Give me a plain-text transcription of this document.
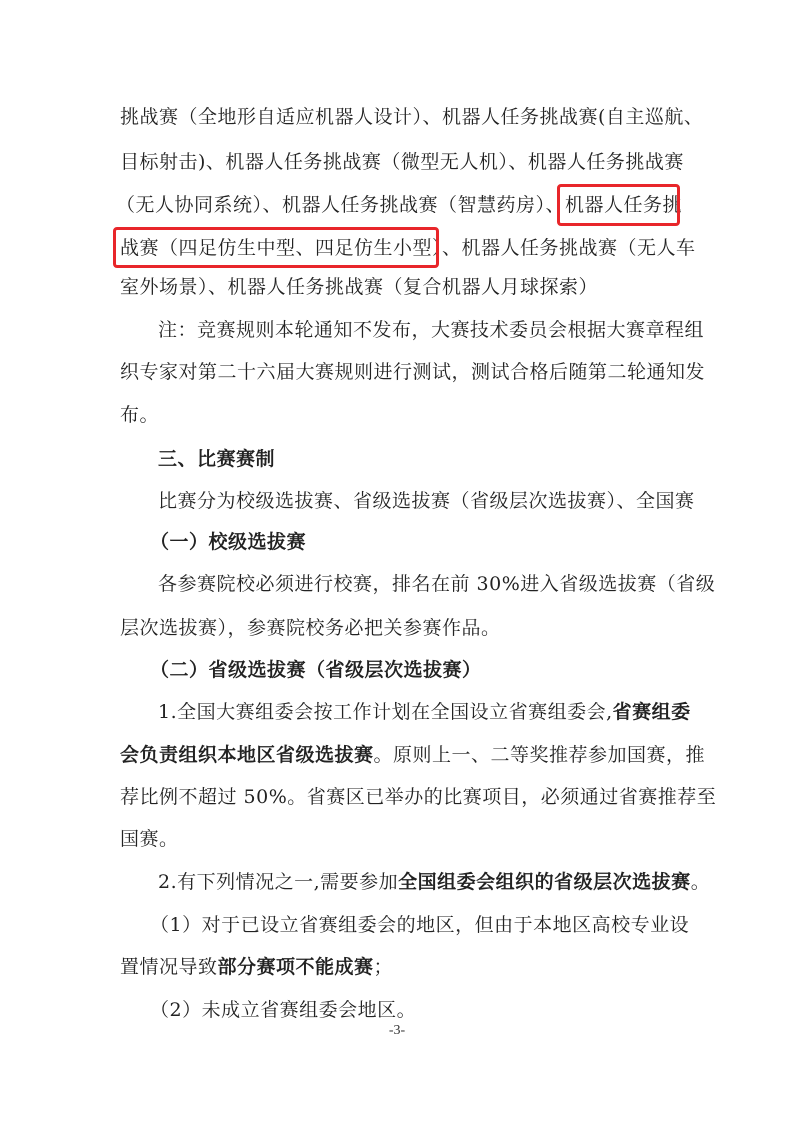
挑战赛（全地形自适应机器人设计）、机器人任务挑战赛(自主巡航、
目标射击)、机器人任务挑战赛（微型无人机）、机器人任务挑战赛
（无人协同系统）、机器人任务挑战赛（智慧药房）、机器人任务挑
战赛（四足仿生中型、四足仿生小型）、机器人任务挑战赛（无人车
室外场景）、机器人任务挑战赛（复合机器人月球探索）
注：竞赛规则本轮通知不发布，大赛技术委员会根据大赛章程组
织专家对第二十六届大赛规则进行测试，测试合格后随第二轮通知发
布。
三、比赛赛制
比赛分为校级选拔赛、省级选拔赛（省级层次选拔赛）、全国赛
（一）校级选拔赛
各参赛院校必须进行校赛，排名在前 30%进入省级选拔赛（省级
层次选拔赛），参赛院校务必把关参赛作品。
（二）省级选拔赛（省级层次选拔赛）
1.全国大赛组委会按工作计划在全国设立省赛组委会,省赛组委
会负责组织本地区省级选拔赛。原则上一、二等奖推荐参加国赛，推
荐比例不超过 50%。省赛区已举办的比赛项目，必须通过省赛推荐至
国赛。
2.有下列情况之一,需要参加全国组委会组织的省级层次选拔赛。
（1）对于已设立省赛组委会的地区，但由于本地区高校专业设
置情况导致部分赛项不能成赛；
（2）未成立省赛组委会地区。
-3-
